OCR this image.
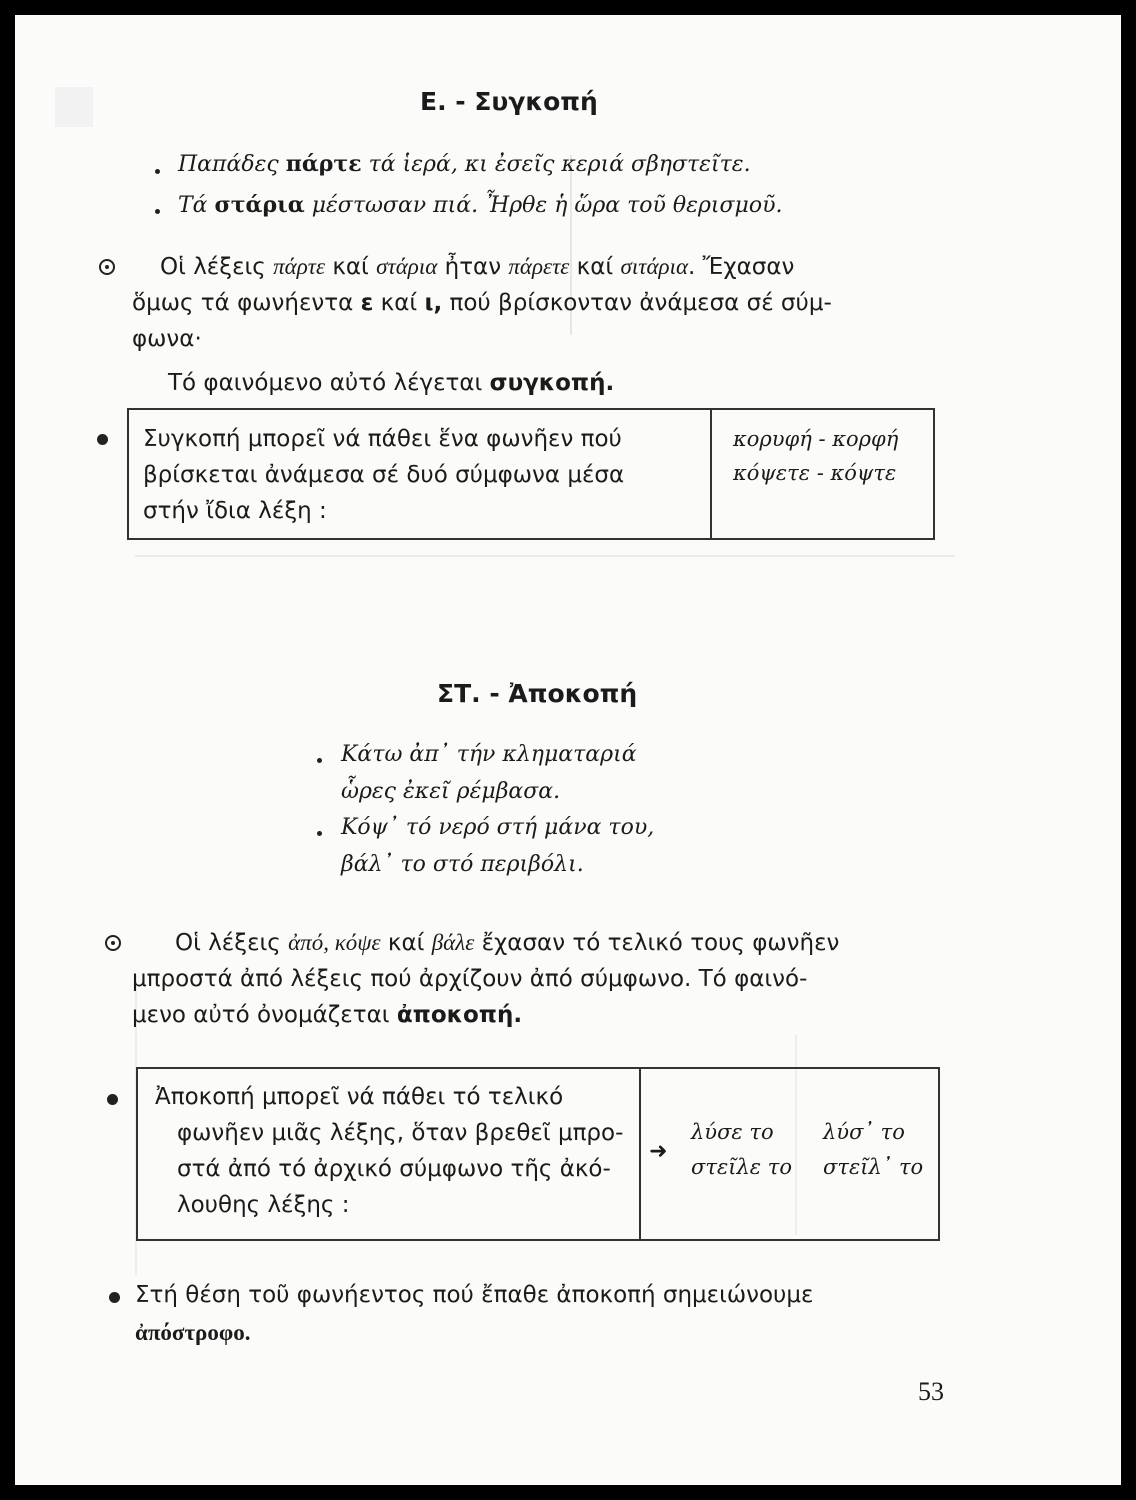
Ε. - Συγκοπή
Παπάδες πάρτε τά ἱερά, κι ἐσεῖς κεριά σβηστεῖτε.
Τά στάρια μέστωσαν πιά. Ἦρθε ἡ ὥρα τοῦ θερισμοῦ.
Οἱ λέξεις πάρτε καί στάρια ἦταν πάρετε καί σιτάρια. Ἔχασαν
ὅμως τά φωνήεντα ε καί ι, πού βρίσκονταν ἀνάμεσα σέ σύμ-
φωνα·
Τό φαινόμενο αὐτό λέγεται συγκοπή.
Συγκοπή μπορεῖ νά πάθει ἕνα φωνῆεν πού
βρίσκεται ἀνάμεσα σέ δυό σύμφωνα μέσα
στήν ἴδια λέξη :
κορυφή - κορφή
κόψετε - κόψτε
ΣΤ. - Ἀποκοπή
Κάτω ἀπ᾽ τήν κληματαριά
ὧρες ἐκεῖ ρέμβασα.
Κόψ᾽ τό νερό στή μάνα του,
βάλ᾽ το στό περιβόλι.
Οἱ λέξεις ἀπό, κόψε καί βάλε ἔχασαν τό τελικό τους φωνῆεν
μπροστά ἀπό λέξεις πού ἀρχίζουν ἀπό σύμφωνο. Τό φαινό-
μενο αὐτό ὀνομάζεται ἀποκοπή.
Ἀποκοπή μπορεῖ νά πάθει τό τελικό
φωνῆεν μιᾶς λέξης, ὅταν βρεθεῖ μπρο-
στά ἀπό τό ἀρχικό σύμφωνο τῆς ἀκό-
λουθης λέξης :
➜
λύσε το λύσ᾽ το
στεῖλε το στεῖλ᾽ το
Στή θέση τοῦ φωνήεντος πού ἔπαθε ἀποκοπή σημειώνουμε
ἀπόστροφο.
53
